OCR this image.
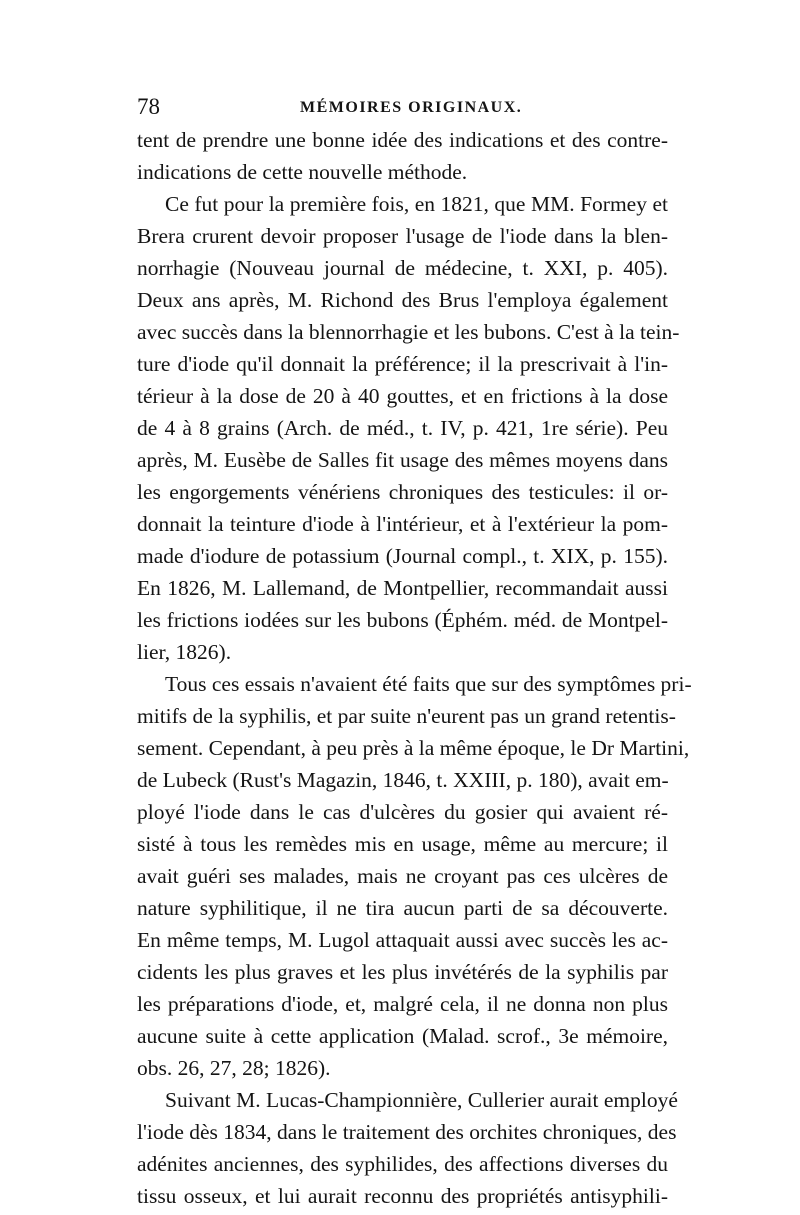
78	MÉMOIRES ORIGINAUX.
tent de prendre une bonne idée des indications et des contre-
indications de cette nouvelle méthode.
Ce fut pour la première fois, en 1821, que MM. Formey et
Brera crurent devoir proposer l'usage de l'iode dans la blen-
norrhagie (Nouveau journal de médecine, t. XXI, p. 405).
Deux ans après, M. Richond des Brus l'employa également
avec succès dans la blennorrhagie et les bubons. C'est à la tein-
ture d'iode qu'il donnait la préférence; il la prescrivait à l'in-
térieur à la dose de 20 à 40 gouttes, et en frictions à la dose
de 4 à 8 grains (Arch. de méd., t. IV, p. 421, 1re série). Peu
après, M. Eusèbe de Salles fit usage des mêmes moyens dans
les engorgements vénériens chroniques des testicules: il or-
donnait la teinture d'iode à l'intérieur, et à l'extérieur la pom-
made d'iodure de potassium (Journal compl., t. XIX, p. 155).
En 1826, M. Lallemand, de Montpellier, recommandait aussi
les frictions iodées sur les bubons (Éphém. méd. de Montpel-
lier, 1826).
Tous ces essais n'avaient été faits que sur des symptômes pri-
mitifs de la syphilis, et par suite n'eurent pas un grand retentis-
sement. Cependant, à peu près à la même époque, le Dr Martini,
de Lubeck (Rust's Magazin, 1846, t. XXIII, p. 180), avait em-
ployé l'iode dans le cas d'ulcères du gosier qui avaient ré-
sisté à tous les remèdes mis en usage, même au mercure; il
avait guéri ses malades, mais ne croyant pas ces ulcères de
nature syphilitique, il ne tira aucun parti de sa découverte.
En même temps, M. Lugol attaquait aussi avec succès les ac-
cidents les plus graves et les plus invétérés de la syphilis par
les préparations d'iode, et, malgré cela, il ne donna non plus
aucune suite à cette application (Malad. scrof., 3e mémoire,
obs. 26, 27, 28; 1826).
Suivant M. Lucas-Championnière, Cullerier aurait employé
l'iode dès 1834, dans le traitement des orchites chroniques, des
adénites anciennes, des syphilides, des affections diverses du
tissu osseux, et lui aurait reconnu des propriétés antisyphili-
